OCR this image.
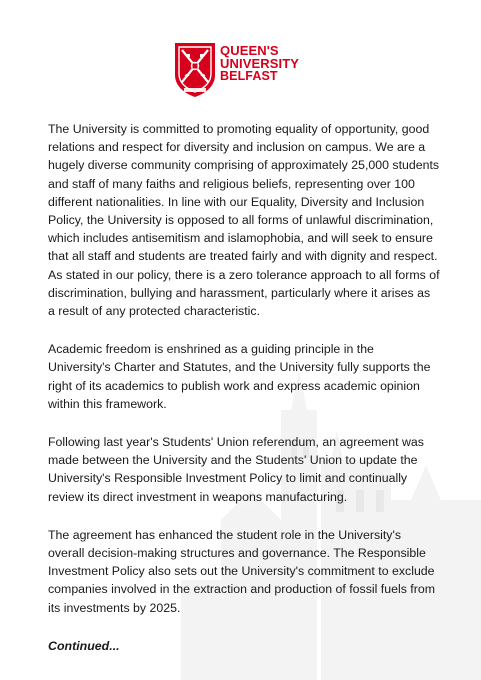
QUEEN'S
UNIVERSITY
BELFAST

The University is committed to promoting equality of opportunity, good relations and respect for diversity and inclusion on campus. We are a hugely diverse community comprising of approximately 25,000 students and staff of many faiths and religious beliefs, representing over 100 different nationalities. In line with our Equality, Diversity and Inclusion Policy, the University is opposed to all forms of unlawful discrimination, which includes antisemitism and islamophobia, and will seek to ensure that all staff and students are treated fairly and with dignity and respect. As stated in our policy, there is a zero tolerance approach to all forms of discrimination, bullying and harassment, particularly where it arises as a result of any protected characteristic.

Academic freedom is enshrined as a guiding principle in the University's Charter and Statutes, and the University fully supports the right of its academics to publish work and express academic opinion within this framework.

Following last year's Students' Union referendum, an agreement was made between the University and the Students' Union to update the University's Responsible Investment Policy to limit and continually review its direct investment in weapons manufacturing.

The agreement has enhanced the student role in the University's overall decision-making structures and governance. The Responsible Investment Policy also sets out the University's commitment to exclude companies involved in the extraction and production of fossil fuels from its investments by 2025.

Continued...
